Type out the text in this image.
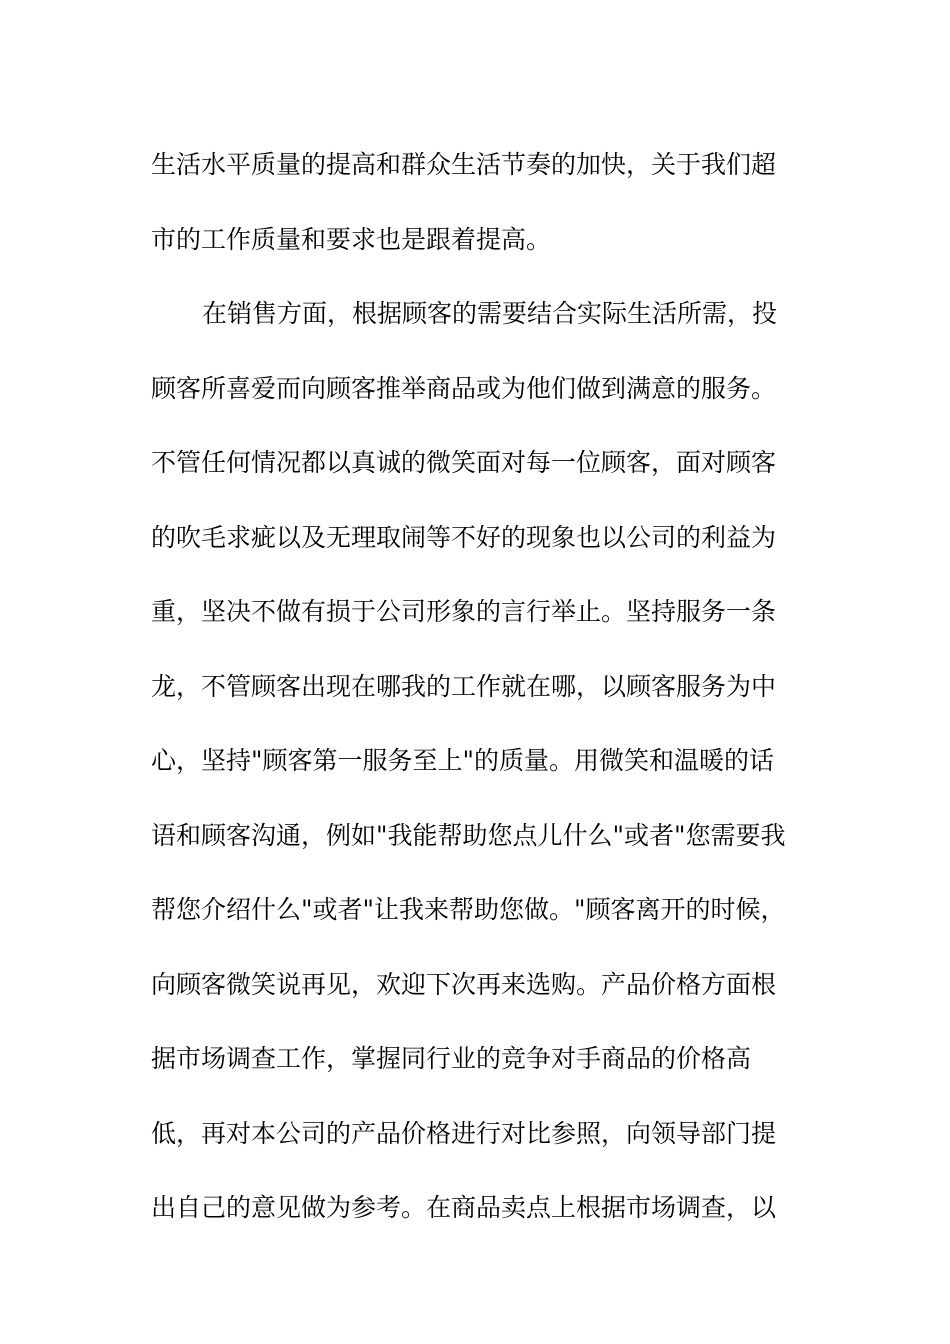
生活水平质量的提高和群众生活节奏的加快，关于我们超
市的工作质量和要求也是跟着提高。
在销售方面，根据顾客的需要结合实际生活所需，投
顾客所喜爱而向顾客推举商品或为他们做到满意的服务。
不管任何情况都以真诚的微笑面对每一位顾客，面对顾客
的吹毛求疵以及无理取闹等不好的现象也以公司的利益为
重，坚决不做有损于公司形象的言行举止。坚持服务一条
龙，不管顾客出现在哪我的工作就在哪，以顾客服务为中
心，坚持"顾客第一服务至上"的质量。用微笑和温暖的话
语和顾客沟通，例如"我能帮助您点儿什么"或者"您需要我
帮您介绍什么"或者"让我来帮助您做。"顾客离开的时候，
向顾客微笑说再见，欢迎下次再来选购。产品价格方面根
据市场调查工作，掌握同行业的竞争对手商品的价格高
低，再对本公司的产品价格进行对比参照，向领导部门提
出自己的意见做为参考。在商品卖点上根据市场调查，以
